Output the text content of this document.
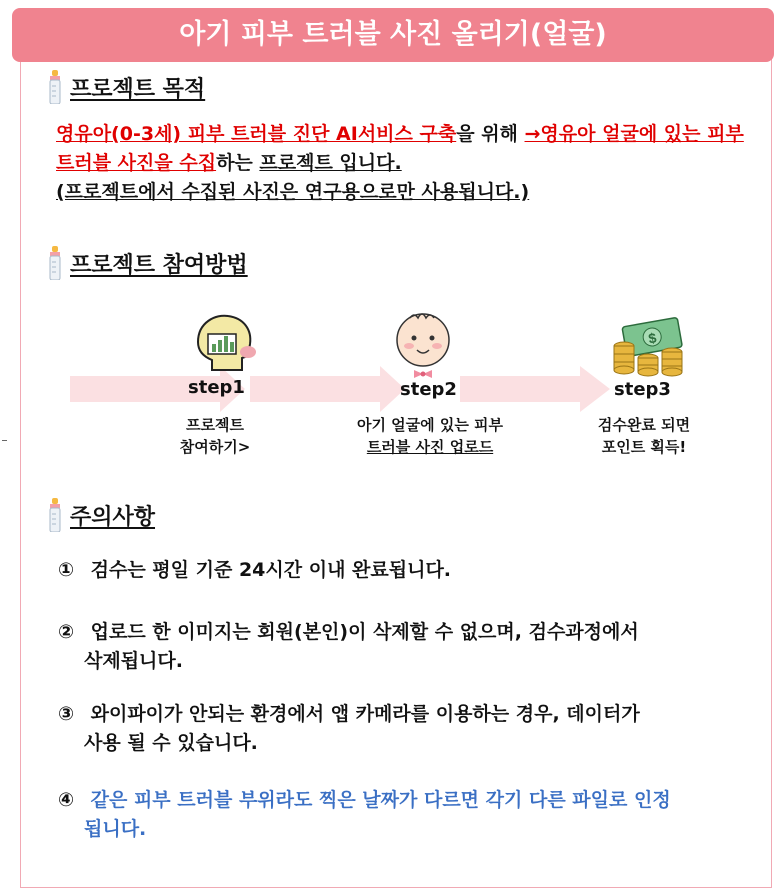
아기 피부 트러블 사진 올리기(얼굴)
프로젝트 목적
영유아(0-3세) 피부 트러블 진단 AI서비스 구축을 위해 →영유아 얼굴에 있는 피부트러블 사진을 수집하는 프로젝트 입니다.
(프로젝트에서 수집된 사진은 연구용으로만 사용됩니다.)
프로젝트 참여방법
step1
프로젝트
참여하기>
step2
아기 얼굴에 있는 피부
트러블 사진 업로드
$
step3
검수완료 되면
포인트 획득!
주의사항
① 검수는 평일 기준 24시간 이내 완료됩니다.
② 업로드 한 이미지는 회원(본인)이 삭제할 수 없으며, 검수과정에서
삭제됩니다.
③ 와이파이가 안되는 환경에서 앱 카메라를 이용하는 경우, 데이터가
사용 될 수 있습니다.
④ 같은 피부 트러블 부위라도 찍은 날짜가 다르면 각기 다른 파일로 인정
됩니다.
